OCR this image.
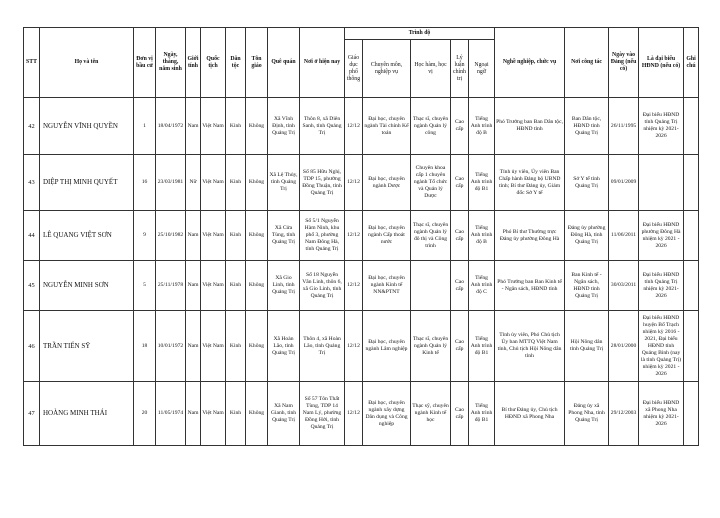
STT	Họ và tên	Đơn vị bầu cử	Ngày, tháng, năm sinh	Giới tính	Quốc tịch	Dân tộc	Tôn giáo	Quê quán	Nơi ở hiện nay	Trình độ					Nghề nghiệp, chức vụ	Nơi công tác	Ngày vào Đảng (nếu có)	Là đại biểu HĐND (nếu có)	Ghi chú
										Giáo dục phổ thông	Chuyên môn, nghiệp vụ	Học hàm, học vị	Lý luận chính trị	Ngoại ngữ					
42	NGUYỄN VĨNH QUYỀN	1	18/04/1972	Nam	Việt Nam	Kinh	Không	Xã Vĩnh Định, tỉnh Quảng Trị	Thôn 8, xã Diên Sanh, tỉnh Quảng Trị	12/12	Đại học, chuyên ngành Tài chính Kế toán	Thạc sĩ, chuyên ngành Quản lý công	Cao cấp	Tiếng Anh trình độ B	Phó Trưởng ban Ban Dân tộc, HĐND tỉnh	Ban Dân tộc, HĐND tỉnh Quảng Trị	26/11/1995	Đại biểu HĐND tỉnh Quảng Trị nhiệm kỳ 2021-2026	
43	DIỆP THỊ MINH QUYẾT	16	23/03/1981	Nữ	Việt Nam	Kinh	Không	Xã Lệ Thủy, tỉnh Quảng Trị	Số 85 Hữu Nghị, TDP 15, phường Đồng Thuận, tỉnh Quảng Trị	12/12	Đại học, chuyên ngành Dược	Chuyên khoa cấp 1 chuyên ngành Tổ chức và Quản lý Dược	Cao cấp	Tiếng Anh trình độ B1	Tỉnh ủy viên, Ủy viên Ban Chấp hành Đảng bộ UBND tỉnh; Bí thư Đảng ủy, Giám đốc Sở Y tế	Sở Y tế tỉnh Quảng Trị	09/01/2009		
44	LÊ QUANG VIỆT SƠN	9	25/10/1982	Nam	Việt Nam	Kinh	Không	Xã Cửa Tùng, tỉnh Quảng Trị	Số 5/1 Nguyễn Hàm Ninh, khu phố 3, phường Nam Đông Hà, tỉnh Quảng Trị	12/12	Đại học, chuyên ngành Cấp thoát nước	Thạc sĩ, chuyên ngành Quản lý đô thị và Công trình	Cao cấp	Tiếng Anh trình độ B	Phó Bí thư Thường trực Đảng ủy phường Đông Hà	Đảng ủy phường Đông Hà, tỉnh Quảng Trị	11/06/2011	Đại biểu HĐND phường Đông Hà nhiệm kỳ 2021 - 2026	
45	NGUYỄN MINH SƠN	5	25/11/1978	Nam	Việt Nam	Kinh	Không	Xã Gio Linh, tỉnh Quảng Trị	Số 18 Nguyễn Văn Linh, thôn 6, xã Gio Linh, tỉnh Quảng Trị	12/12	Đại học, chuyên ngành Kinh tế NN&PTNT		Cao cấp	Tiếng Anh trình độ C	Phó Trưởng ban Ban Kinh tế - Ngân sách, HĐND tỉnh	Ban Kinh tế - Ngân sách, HĐND tỉnh Quảng Trị	30/03/2011	Đại biểu HĐND tỉnh Quảng Trị nhiệm kỳ 2021-2026	
46	TRẦN TIẾN SỸ	18	10/01/1972	Nam	Việt Nam	Kinh	Không	Xã Hoàn Lão, tỉnh Quảng Trị	Thôn 4, xã Hoàn Lão, tỉnh Quảng Trị	12/12	Đại học, chuyên ngành Lâm nghiệp	Thạc sĩ, chuyên ngành Quản lý Kinh tế	Cao cấp	Tiếng Anh trình độ B1	Tỉnh ủy viên, Phó Chủ tịch Ủy ban MTTQ Việt Nam tỉnh, Chủ tịch Hội Nông dân tỉnh	Hội Nông dân tỉnh Quảng Trị	28/01/2000	Đại biểu HĐND huyện Bố Trạch nhiệm kỳ 2016 - 2021, Đại biểu HĐND tỉnh Quảng Bình (nay là tỉnh Quảng Trị) nhiệm kỳ 2021 - 2026	
47	HOÀNG MINH THÁI	20	11/05/1974	Nam	Việt Nam	Kinh	Không	Xã Nam Gianh, tỉnh Quảng Trị	Số 57 Tôn Thất Tùng, TDP 14 Nam Lý, phường Đồng Hới, tỉnh Quảng Trị	12/12	Đại học, chuyên ngành xây dựng Dân dụng và Công nghiệp	Thạc sỹ, chuyên ngành Kinh tế học	Cao cấp	Tiếng Anh trình độ B1	Bí thư Đảng ủy, Chủ tịch HĐND xã Phong Nha	Đảng ủy xã Phong Nha, tỉnh Quảng Trị	29/12/2003	Đại biểu HĐND xã Phong Nha nhiệm kỳ 2021-2026	
